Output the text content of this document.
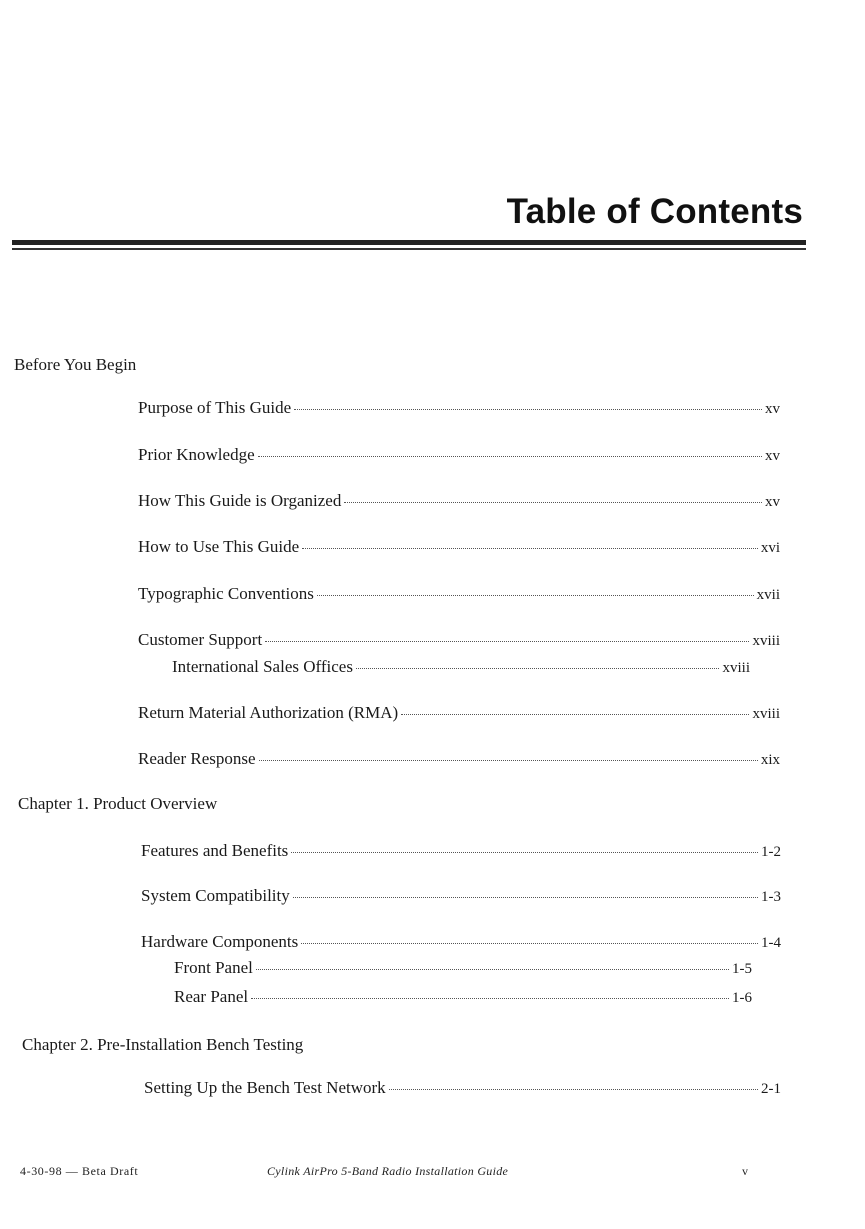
Table of Contents
Before You Begin
Purpose of This Guide	xv
Prior Knowledge	xv
How This Guide is Organized	xv
How to Use This Guide	xvi
Typographic Conventions	xvii
Customer Support	xviii
International Sales Offices	xviii
Return Material Authorization (RMA)	xviii
Reader Response	xix
Chapter 1. Product Overview
Features and Benefits	1-2
System Compatibility	1-3
Hardware Components	1-4
Front Panel	1-5
Rear Panel	1-6
Chapter 2. Pre-Installation Bench Testing
Setting Up the Bench Test Network	2-1
4-30-98 — Beta Draft	Cylink AirPro 5-Band Radio Installation Guide	v
